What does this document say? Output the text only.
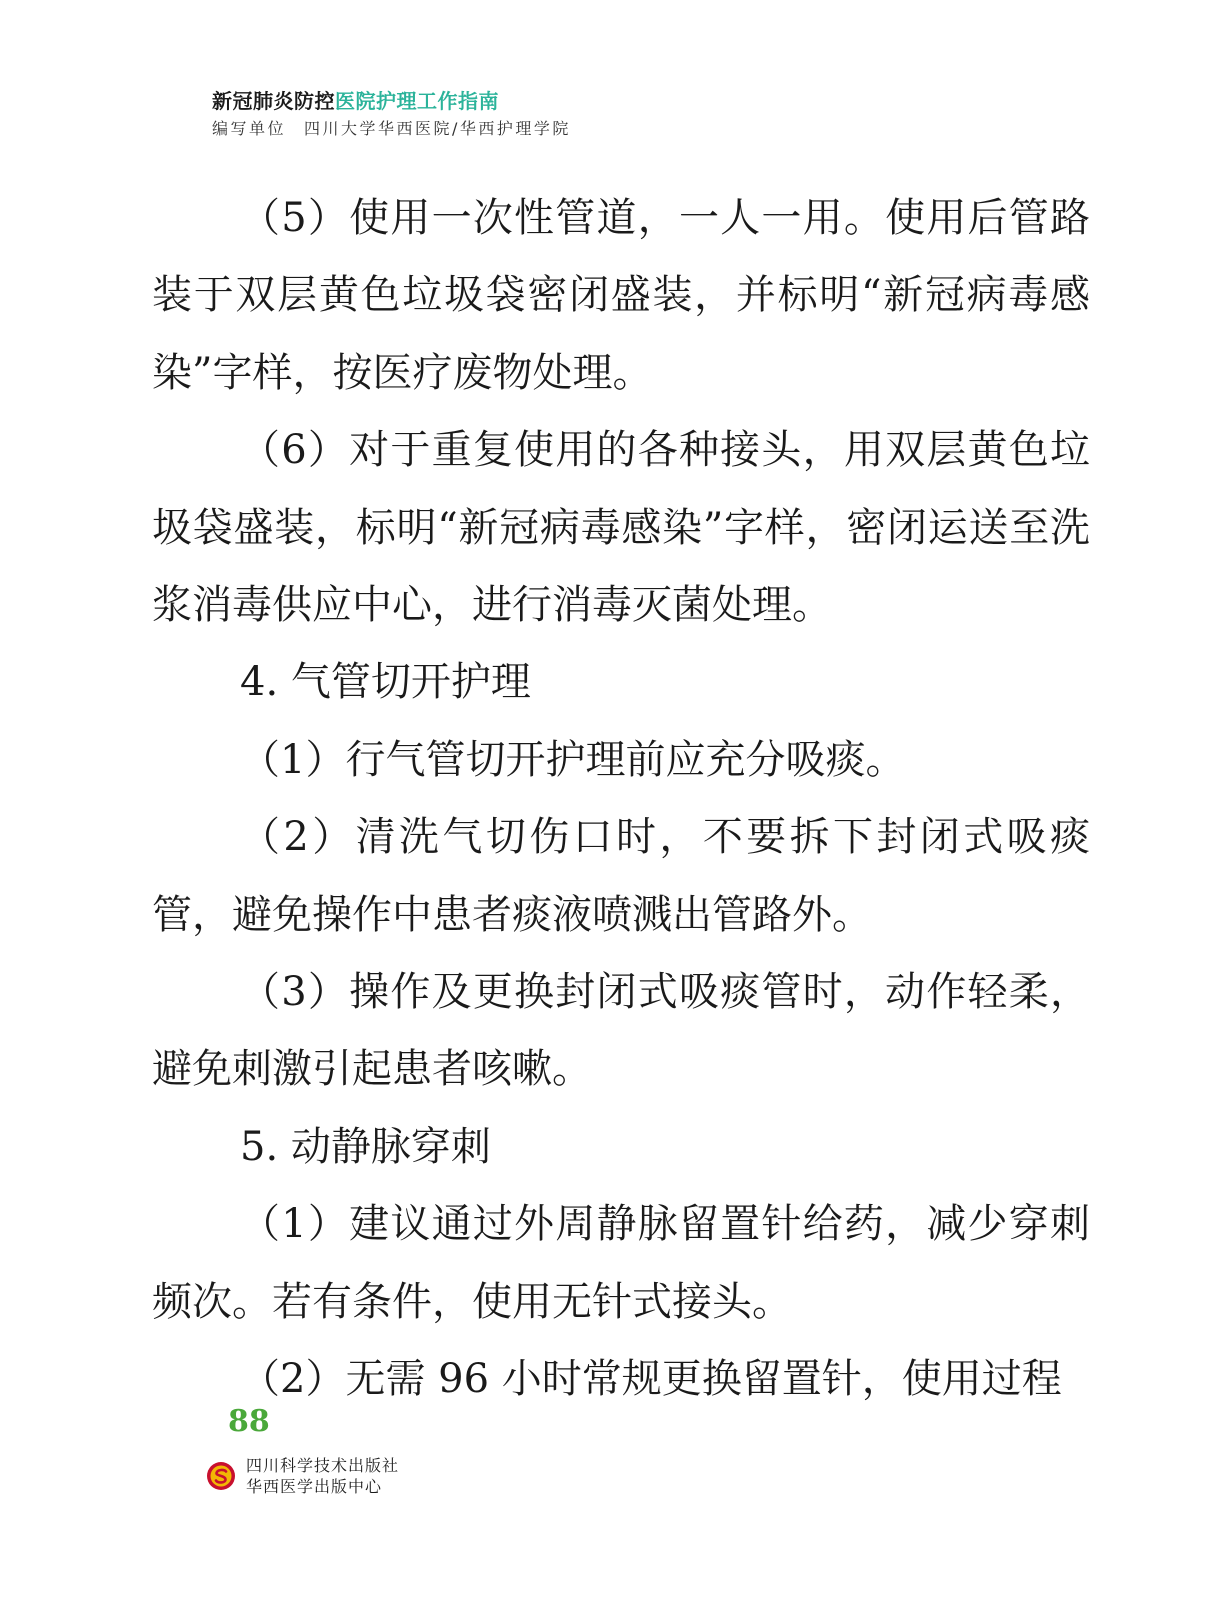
新冠肺炎防控医院护理工作指南
编写单位 四川大学华西医院/华西护理学院

（5）使用一次性管道，一人一用。使用后管路装于双层黄色垃圾袋密闭盛装，并标明“新冠病毒感染”字样，按医疗废物处理。

（6）对于重复使用的各种接头，用双层黄色垃圾袋盛装，标明“新冠病毒感染”字样，密闭运送至洗浆消毒供应中心，进行消毒灭菌处理。

4. 气管切开护理

（1）行气管切开护理前应充分吸痰。

（2）清洗气切伤口时，不要拆下封闭式吸痰管，避免操作中患者痰液喷溅出管路外。

（3）操作及更换封闭式吸痰管时，动作轻柔，避免刺激引起患者咳嗽。

5. 动静脉穿刺

（1）建议通过外周静脉留置针给药，减少穿刺频次。若有条件，使用无针式接头。

（2）无需 96 小时常规更换留置针，使用过程

88
四川科学技术出版社
华西医学出版中心
